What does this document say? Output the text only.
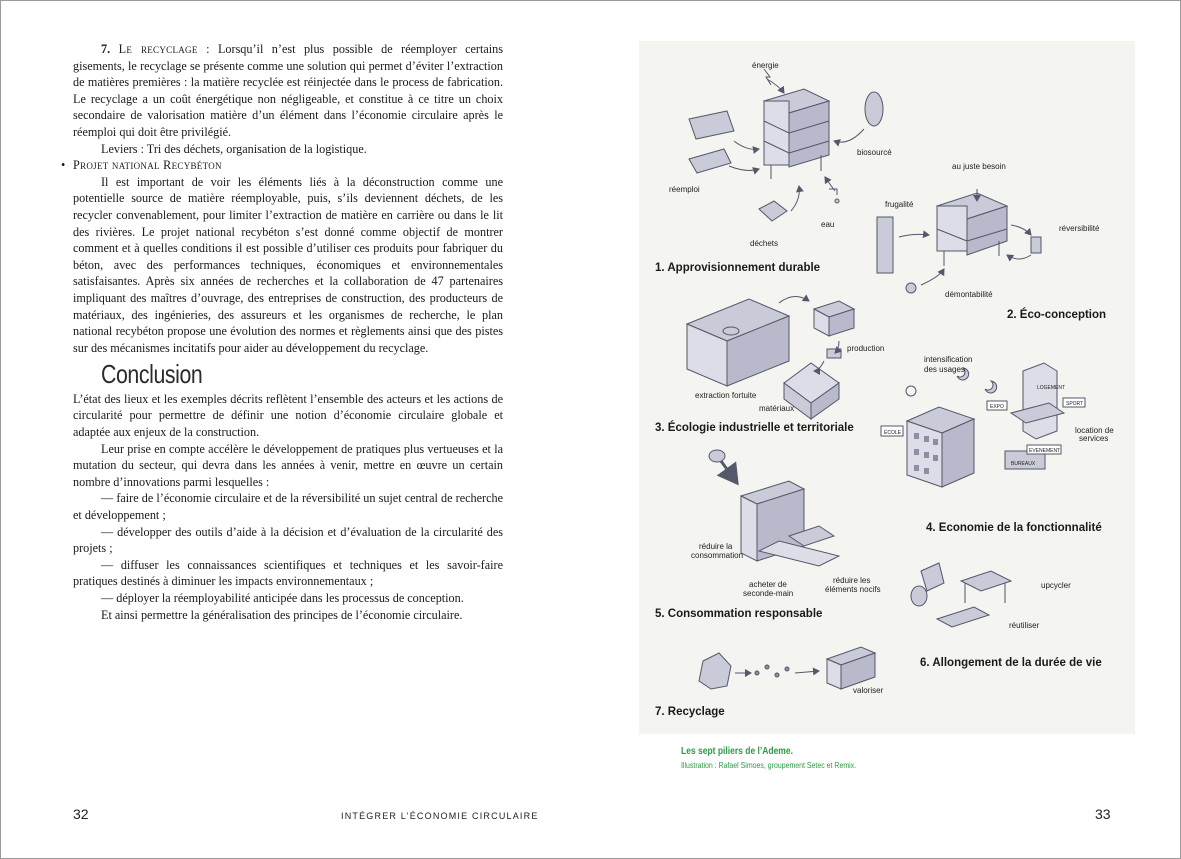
7. Le recyclage : Lorsqu’il n’est plus possible de réemployer certains gisements, le recyclage se présente comme une solution qui permet d’éviter l’extraction de matières premières : la matière recyclée est réinjectée dans le process de fabrication. Le recyclage a un coût énergétique non négligeable, et constitue à ce titre un choix secondaire de valorisation matière d’un élément dans l’économie circulaire après le réemploi qui doit être privilégié.

Leviers : Tri des déchets, organisation de la logistique.

• Projet national Recybéton

Il est important de voir les éléments liés à la déconstruction comme une potentielle source de matière réemployable, puis, s’ils deviennent déchets, de les recycler convenablement, pour limiter l’extraction de matière en carrière ou dans le lit des rivières. Le projet national recybéton s’est donné comme objectif de montrer comment et à quelles conditions il est possible d’utiliser ces produits pour fabriquer du béton, avec des performances techniques, économiques et environnementales satisfaisantes. Après six années de recherches et la collaboration de 47 partenaires impliquant des maîtres d’ouvrage, des entreprises de construction, des producteurs de matériaux, des ingénieries, des assureurs et les organismes de recherche, le plan national recybéton propose une évolution des normes et règlements ainsi que des pistes sur des mécanismes incitatifs pour aider au développement du recyclage.

Conclusion

L’état des lieux et les exemples décrits reflètent l’ensemble des acteurs et les actions de circularité pour permettre de définir une notion d’économie circulaire globale et adaptée aux enjeux de la construction.

Leur prise en compte accélère le développement de pratiques plus vertueuses et la mutation du secteur, qui devra dans les années à venir, mettre en œuvre un certain nombre d’innovations parmi lesquelles :

— faire de l’économie circulaire et de la réversibilité un sujet central de recherche et développement ;

— développer des outils d’aide à la décision et d’évaluation de la circularité des projets ;

— diffuser les connaissances scientifiques et techniques et les savoir-faire pratiques destinés à diminuer les impacts environnementaux ;

— déployer la réemployabilité anticipée dans les processus de conception.

Et ainsi permettre la généralisation des principes de l’économie circulaire.

32	INTÉGRER L’ÉCONOMIE CIRCULAIRE	33
énergie
biosourcé
réemploi
eau
déchets
1. Approvisionnement durable
au juste besoin
frugalité
réversibilité
démontabilité
2. Éco-conception
production
extraction fortuite
matériaux
3. Écologie industrielle et territoriale
intensification
des usages
location de
services
4. Economie de la fonctionnalité
réduire la
consommation
acheter de
seconde-main
réduire les
éléments nocifs
5. Consommation responsable
upcycler
réutiliser
6. Allongement de la durée de vie
valoriser
7. Recyclage
ÉCOLE
EXPO	SPORT
EVENEMENT
BUREAUX
LOGEMENT
Les sept piliers de l’Ademe.
Illustration : Rafael Simoes, groupement Setec et Remix.
